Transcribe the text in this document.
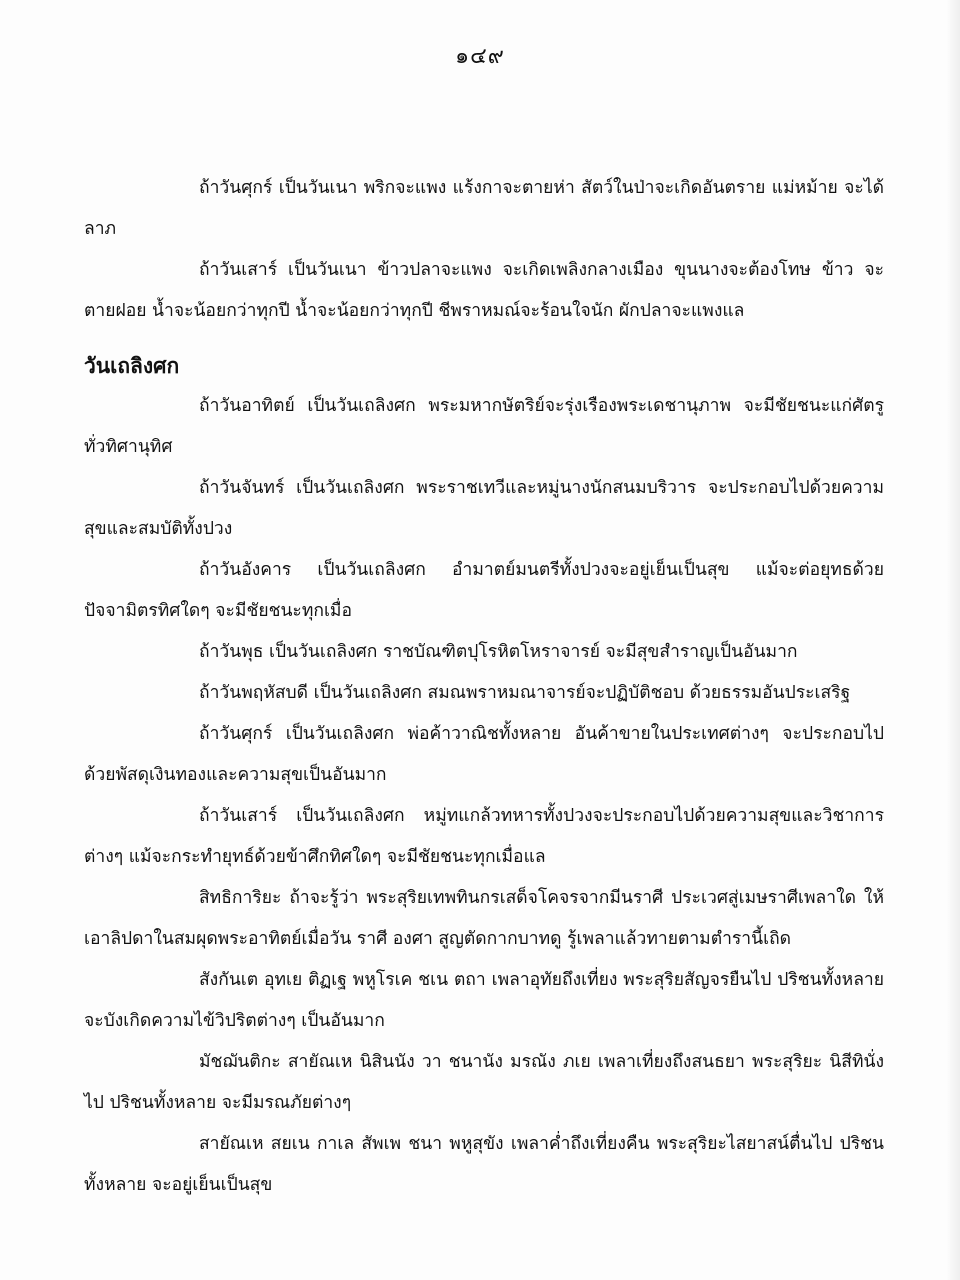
๑๔๙

ถ้าวันศุกร์ เป็นวันเนา พริกจะแพง แร้งกาจะตายห่า สัตว์ในป่าจะเกิดอันตราย แม่หม้าย จะได้ลาภ

ถ้าวันเสาร์ เป็นวันเนา ข้าวปลาจะแพง จะเกิดเพลิงกลางเมือง ขุนนางจะต้องโทษ ข้าว จะตายฝอย น้ำจะน้อยกว่าทุกปี น้ำจะน้อยกว่าทุกปี ชีพราหมณ์จะร้อนใจนัก ผักปลาจะแพงแล

วันเถลิงศก

ถ้าวันอาทิตย์ เป็นวันเถลิงศก พระมหากษัตริย์จะรุ่งเรืองพระเดชานุภาพ จะมีชัยชนะแก่ศัตรูทั่วทิศานุทิศ

ถ้าวันจันทร์ เป็นวันเถลิงศก พระราชเทวีและหมู่นางนักสนมบริวาร จะประกอบไปด้วยความสุขและสมบัติทั้งปวง

ถ้าวันอังคาร เป็นวันเถลิงศก อำมาตย์มนตรีทั้งปวงจะอยู่เย็นเป็นสุข แม้จะต่อยุทธด้วยปัจจามิตรทิศใดๆ จะมีชัยชนะทุกเมื่อ

ถ้าวันพุธ เป็นวันเถลิงศก ราชบัณฑิตปุโรหิตโหราจารย์ จะมีสุขสำราญเป็นอันมาก

ถ้าวันพฤหัสบดี เป็นวันเถลิงศก สมณพราหมณาจารย์จะปฏิบัติชอบ ด้วยธรรมอันประเสริฐ

ถ้าวันศุกร์ เป็นวันเถลิงศก พ่อค้าวาณิชทั้งหลาย อันค้าขายในประเทศต่างๆ จะประกอบไปด้วยพัสดุเงินทองและความสุขเป็นอันมาก

ถ้าวันเสาร์ เป็นวันเถลิงศก หมู่ทแกล้วทหารทั้งปวงจะประกอบไปด้วยความสุขและวิชาการต่างๆ แม้จะกระทำยุทธ์ด้วยข้าศึกทิศใดๆ จะมีชัยชนะทุกเมื่อแล

สิทธิการิยะ ถ้าจะรู้ว่า พระสุริยเทพทินกรเสด็จโคจรจากมีนราศี ประเวศสู่เมษราศีเพลาใด ให้เอาลิปดาในสมผุดพระอาทิตย์เมื่อวัน ราศี องศา สูญตัดกากบาทดู รู้เพลาแล้วทายตามตำรานี้เถิด

สังกันเต อุทเย ติฏเฐ พหูโรเค ชเน ตถา เพลาอุทัยถึงเที่ยง พระสุริยสัญจรยืนไป ปริชนทั้งหลาย จะบังเกิดความไข้วิปริตต่างๆ เป็นอันมาก

มัชฌันติกะ สายัณเห นิสินนัง วา ชนานัง มรณัง ภเย เพลาเที่ยงถึงสนธยา พระสุริยะ นิสีทินั่งไป ปริชนทั้งหลาย จะมีมรณภัยต่างๆ

สายัณเห สยเน กาเล สัพเพ ชนา พหูสุขัง เพลาค่ำถึงเที่ยงคืน พระสุริยะไสยาสน์ตื่นไป ปริชนทั้งหลาย จะอยู่เย็นเป็นสุข
